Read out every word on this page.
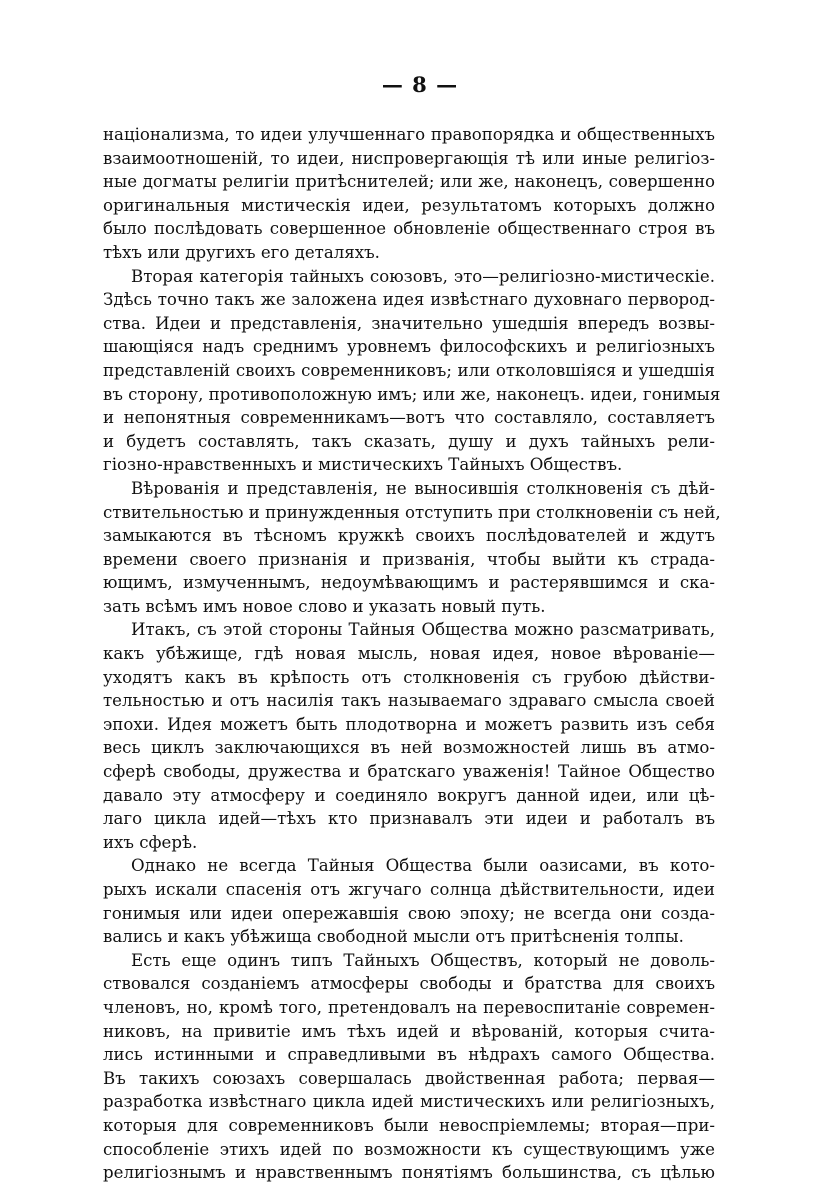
— 8 —
націонализма, то идеи улучшеннаго правопорядка и общественныхъ
взаимоотношеній, то идеи, ниспровергающія тѣ или иные религіоз-
ные догматы религіи притѣснителей; или же, наконецъ, совершенно
оригинальныя мистическія идеи, результатомъ которыхъ должно
было послѣдовать совершенное обновленіе общественнаго строя въ
тѣхъ или другихъ его деталяхъ.
Вторая категорія тайныхъ союзовъ, это—религіозно-мистическіе.
Здѣсь точно такъ же заложена идея извѣстнаго духовнаго первород-
ства. Идеи и представленія, значительно ушедшія впередъ возвы-
шающіяся надъ среднимъ уровнемъ философскихъ и религіозныхъ
представленій своихъ современниковъ; или отколовшіяся и ушедшія
въ сторону, противоположную имъ; или же, наконецъ. идеи, гонимыя
и непонятныя современникамъ—вотъ что составляло, составляетъ
и будетъ составлять, такъ сказать, душу и духъ тайныхъ рели-
гіозно-нравственныхъ и мистическихъ Тайныхъ Обществъ.
Вѣрованія и представленія, не выносившія столкновенія съ дѣй-
ствительностью и принужденныя отступить при столкновеніи съ ней,
замыкаются въ тѣсномъ кружкѣ своихъ послѣдователей и ждутъ
времени своего признанія и призванія, чтобы выйти къ страда-
ющимъ, измученнымъ, недоумѣвающимъ и растерявшимся и ска-
зать всѣмъ имъ новое слово и указать новый путь.
Итакъ, съ этой стороны Тайныя Общества можно разсматривать,
какъ убѣжище, гдѣ новая мысль, новая идея, новое вѣрованіе—
уходятъ какъ въ крѣпость отъ столкновенія съ грубою дѣйстви-
тельностью и отъ насилія такъ называемаго здраваго смысла своей
эпохи. Идея можетъ быть плодотворна и можетъ развить изъ себя
весь циклъ заключающихся въ ней возможностей лишь въ атмо-
сферѣ свободы, дружества и братскаго уваженія! Тайное Общество
давало эту атмосферу и соединяло вокругъ данной идеи, или цѣ-
лаго цикла идей—тѣхъ кто признавалъ эти идеи и работалъ въ
ихъ сферѣ.
Однако не всегда Тайныя Общества были оазисами, въ кото-
рыхъ искали спасенія отъ жгучаго солнца дѣйствительности, идеи
гонимыя или идеи опережавшія свою эпоху; не всегда они созда-
вались и какъ убѣжища свободной мысли отъ притѣсненія толпы.
Есть еще одинъ типъ Тайныхъ Обществъ, который не доволь-
ствовался созданіемъ атмосферы свободы и братства для своихъ
членовъ, но, кромѣ того, претендовалъ на перевоспитаніе современ-
никовъ, на привитіе имъ тѣхъ идей и вѣрованій, которыя счита-
лись истинными и справедливыми въ нѣдрахъ самого Общества.
Въ такихъ союзахъ совершалась двойственная работа; первая—
разработка извѣстнаго цикла идей мистическихъ или религіозныхъ,
которыя для современниковъ были невоспріемлемы; вторая—при-
способленіе этихъ идей по возможности къ существующимъ уже
религіознымъ и нравственнымъ понятіямъ большинства, съ цѣлью
